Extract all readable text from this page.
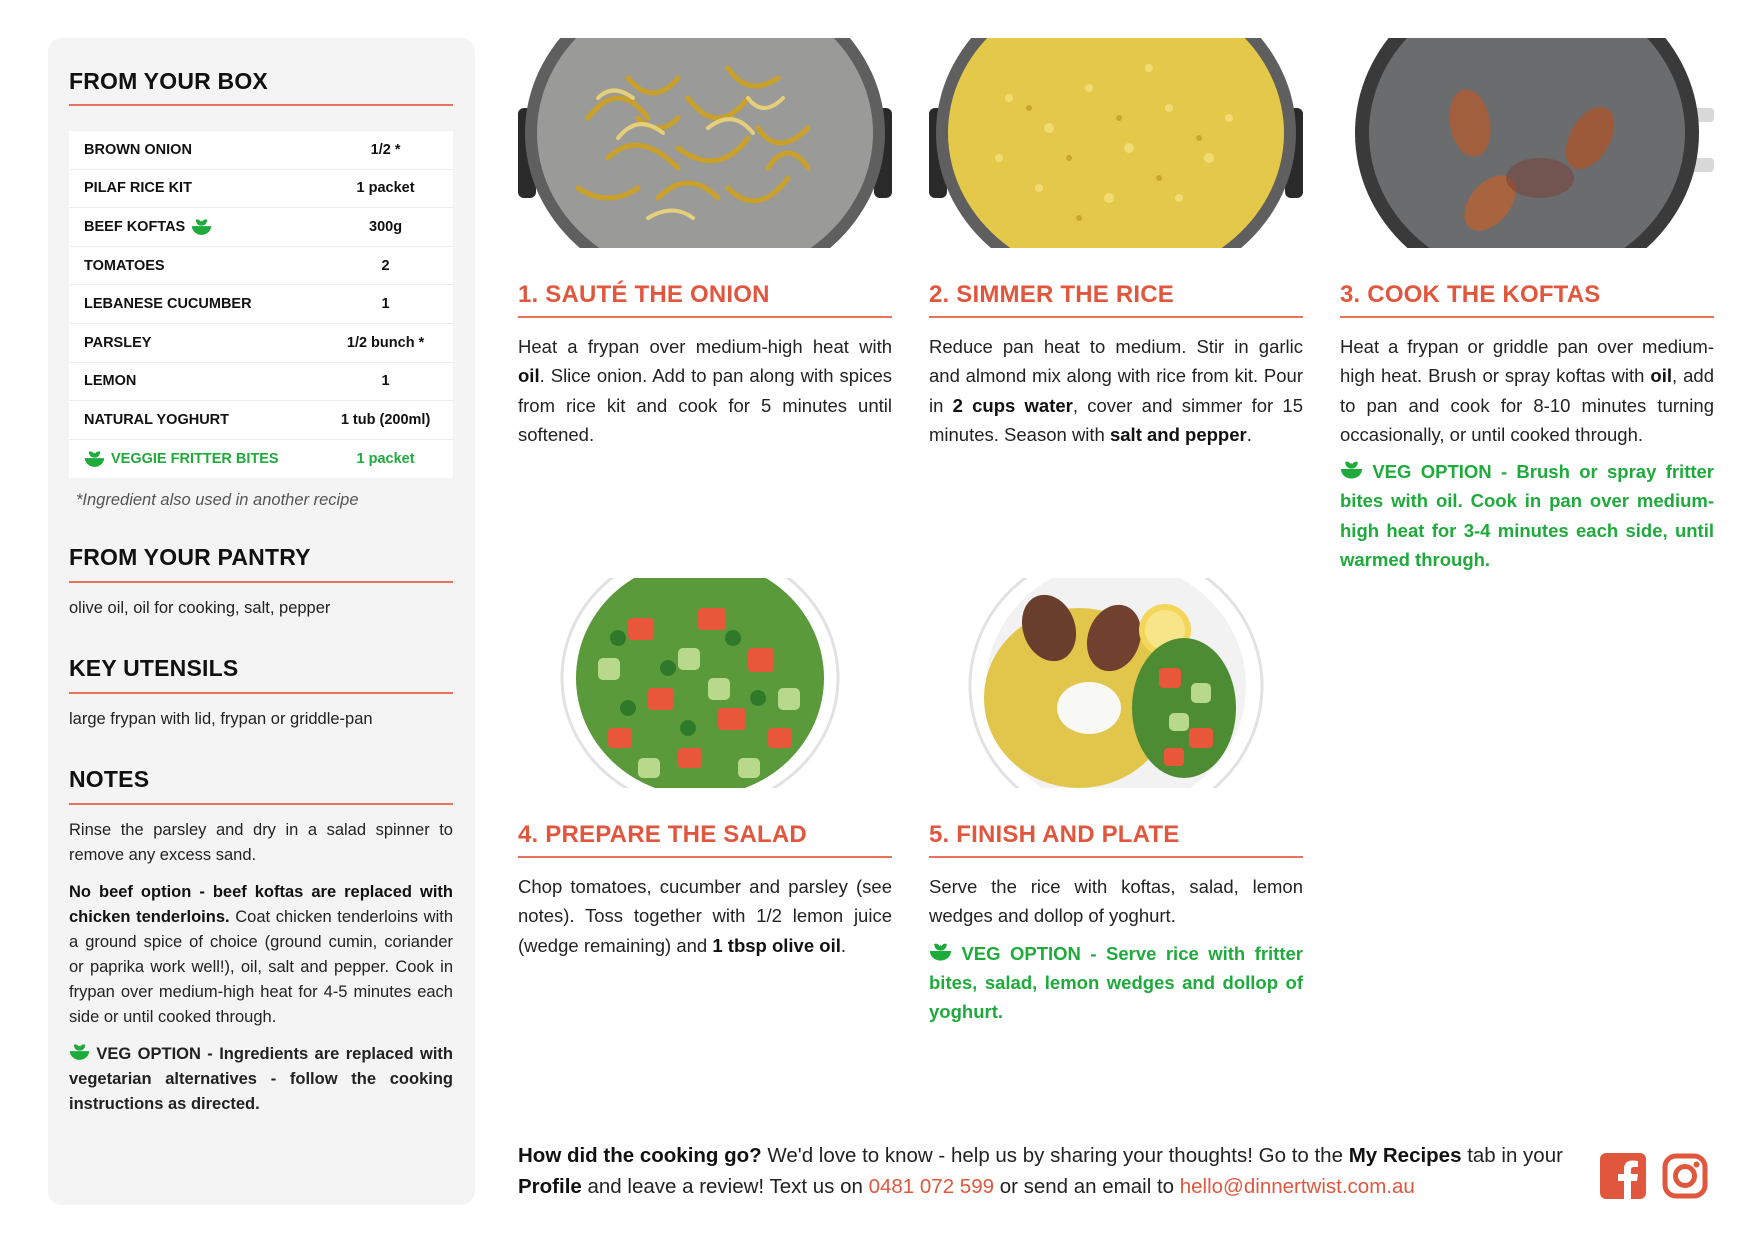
FROM YOUR BOX
BROWN ONION	1/2 *
PILAF RICE KIT	1 packet
BEEF KOFTAS	300g
TOMATOES	2
LEBANESE CUCUMBER	1
PARSLEY	1/2 bunch *
LEMON	1
NATURAL YOGHURT	1 tub (200ml)
VEGGIE FRITTER BITES	1 packet
*Ingredient also used in another recipe
FROM YOUR PANTRY
olive oil, oil for cooking, salt, pepper
KEY UTENSILS
large frypan with lid, frypan or griddle-pan
NOTES

Rinse the parsley and dry in a salad spinner to remove any excess sand.

No beef option - beef koftas are replaced with chicken tenderloins. Coat chicken tenderloins with a ground spice of choice (ground cumin, coriander or paprika work well!), oil, salt and pepper. Cook in frypan over medium-high heat for 4-5 minutes each side or until cooked through.

VEG OPTION - Ingredients are replaced with vegetarian alternatives - follow the cooking instructions as directed.

1. SAUTÉ THE ONION
Heat a frypan over medium-high heat with oil. Slice onion. Add to pan along with spices from rice kit and cook for 5 minutes until softened.
2. SIMMER THE RICE
Reduce pan heat to medium. Stir in garlic and almond mix along with rice from kit. Pour in 2 cups water, cover and simmer for 15 minutes. Season with salt and pepper.
3. COOK THE KOFTAS
Heat a frypan or griddle pan over medium-high heat. Brush or spray koftas with oil, add to pan and cook for 8-10 minutes turning occasionally, or until cooked through.
VEG OPTION - Brush or spray fritter bites with oil. Cook in pan over medium-high heat for 3-4 minutes each side, until warmed through.
4. PREPARE THE SALAD
Chop tomatoes, cucumber and parsley (see notes). Toss together with 1/2 lemon juice (wedge remaining) and 1 tbsp olive oil.
5. FINISH AND PLATE
Serve the rice with koftas, salad, lemon wedges and dollop of yoghurt.
VEG OPTION - Serve rice with fritter bites, salad, lemon wedges and dollop of yoghurt.
How did the cooking go? We'd love to know - help us by sharing your thoughts! Go to the My Recipes tab in your Profile and leave a review! Text us on 0481 072 599 or send an email to hello@dinnertwist.com.au
